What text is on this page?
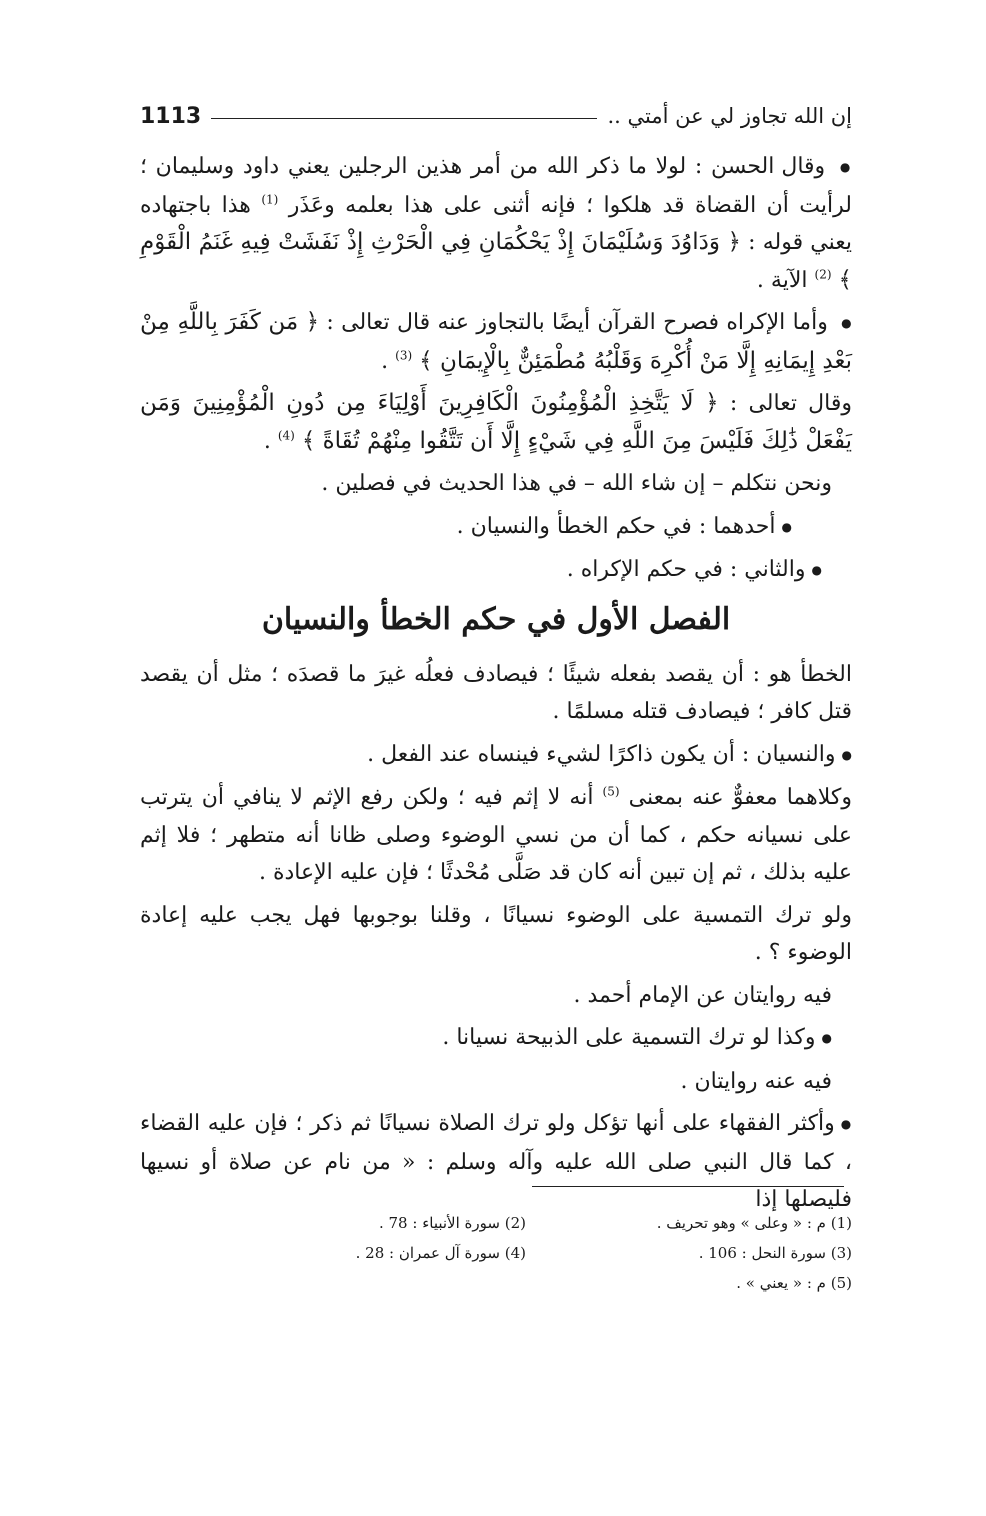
إن الله تجاوز لي عن أمتي ..
1113

● وقال الحسن : لولا ما ذكر الله من أمر هذين الرجلين يعني داود وسليمان ؛ لرأيت أن القضاة قد هلكوا ؛ فإنه أثنى على هذا بعلمه وعَذَر $^{(1)}$ هذا باجتهاده يعني قوله : ﴿ وَدَاوُدَ وَسُلَيْمَانَ إِذْ يَحْكُمَانِ فِي الْحَرْثِ إِذْ نَفَشَتْ فِيهِ غَنَمُ الْقَوْمِ ﴾ $^{(2)}$ الآية .

● وأما الإكراه فصرح القرآن أيضًا بالتجاوز عنه قال تعالى : ﴿ مَن كَفَرَ بِاللَّهِ مِنْ بَعْدِ إِيمَانِهِ إِلَّا مَنْ أُكْرِهَ وَقَلْبُهُ مُطْمَئِنٌّ بِالْإِيمَانِ ﴾ $^{(3)}$ .

وقال تعالى : ﴿ لَا يَتَّخِذِ الْمُؤْمِنُونَ الْكَافِرِينَ أَوْلِيَاءَ مِن دُونِ الْمُؤْمِنِينَ وَمَن يَفْعَلْ ذَٰلِكَ فَلَيْسَ مِنَ اللَّهِ فِي شَيْءٍ إِلَّا أَن تَتَّقُوا مِنْهُمْ تُقَاةً ﴾ $^{(4)}$ .

ونحن نتكلم – إن شاء الله – في هذا الحديث في فصلين .

● أحدهما : في حكم الخطأ والنسيان .

● والثاني : في حكم الإكراه .

الفصل الأول في حكم الخطأ والنسيان

الخطأ هو : أن يقصد بفعله شيئًا ؛ فيصادف فعلُه غيرَ ما قصدَه ؛ مثل أن يقصد قتل كافر ؛ فيصادف قتله مسلمًا .

● والنسيان : أن يكون ذاكرًا لشيء فينساه عند الفعل .

وكلاهما معفوٌّ عنه بمعنى $^{(5)}$ أنه لا إثم فيه ؛ ولكن رفع الإثم لا ينافي أن يترتب على نسيانه حكم ، كما أن من نسي الوضوء وصلى ظانا أنه متطهر ؛ فلا إثم عليه بذلك ، ثم إن تبين أنه كان قد صَلَّى مُحْدثًا ؛ فإن عليه الإعادة .

ولو ترك التمسية على الوضوء نسيانًا ، وقلنا بوجوبها فهل يجب عليه إعادة الوضوء ؟ .

فيه روايتان عن الإمام أحمد .

● وكذا لو ترك التسمية على الذبيحة نسيانا .

فيه عنه روايتان .

● وأكثر الفقهاء على أنها تؤكل ولو ترك الصلاة نسيانًا ثم ذكر ؛ فإن عليه القضاء ، كما قال النبي صلى الله عليه وآله وسلم : « من نام عن صلاة أو نسيها فليصلها إذا

(1) م : « وعلى » وهو تحريف .
(2) سورة الأنبياء : 78 .
(3) سورة النحل : 106 .
(4) سورة آل عمران : 28 .
(5) م : « يعني » .
